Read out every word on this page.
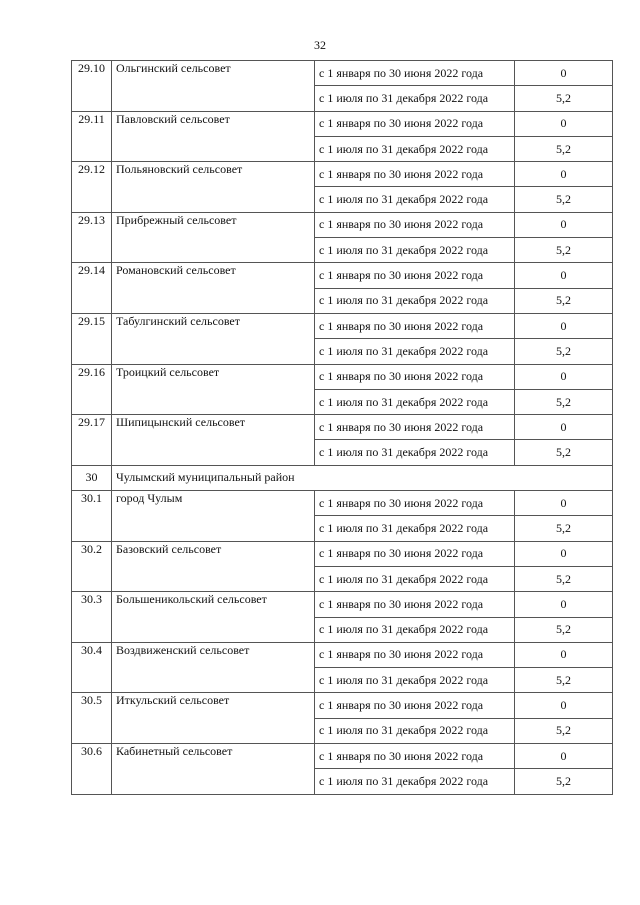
32
29.10	Ольгинский сельсовет	с 1 января по 30 июня 2022 года	0
		с 1 июля по 31 декабря 2022 года	5,2
29.11	Павловский сельсовет	с 1 января по 30 июня 2022 года	0
		с 1 июля по 31 декабря 2022 года	5,2
29.12	Польяновский сельсовет	с 1 января по 30 июня 2022 года	0
		с 1 июля по 31 декабря 2022 года	5,2
29.13	Прибрежный сельсовет	с 1 января по 30 июня 2022 года	0
		с 1 июля по 31 декабря 2022 года	5,2
29.14	Романовский сельсовет	с 1 января по 30 июня 2022 года	0
		с 1 июля по 31 декабря 2022 года	5,2
29.15	Табулгинский сельсовет	с 1 января по 30 июня 2022 года	0
		с 1 июля по 31 декабря 2022 года	5,2
29.16	Троицкий сельсовет	с 1 января по 30 июня 2022 года	0
		с 1 июля по 31 декабря 2022 года	5,2
29.17	Шипицынский сельсовет	с 1 января по 30 июня 2022 года	0
		с 1 июля по 31 декабря 2022 года	5,2
30	Чулымский муниципальный район		
30.1	город Чулым	с 1 января по 30 июня 2022 года	0
		с 1 июля по 31 декабря 2022 года	5,2
30.2	Базовский сельсовет	с 1 января по 30 июня 2022 года	0
		с 1 июля по 31 декабря 2022 года	5,2
30.3	Большеникольский сельсовет	с 1 января по 30 июня 2022 года	0
		с 1 июля по 31 декабря 2022 года	5,2
30.4	Воздвиженский сельсовет	с 1 января по 30 июня 2022 года	0
		с 1 июля по 31 декабря 2022 года	5,2
30.5	Иткульский сельсовет	с 1 января по 30 июня 2022 года	0
		с 1 июля по 31 декабря 2022 года	5,2
30.6	Кабинетный сельсовет	с 1 января по 30 июня 2022 года	0
		с 1 июля по 31 декабря 2022 года	5,2
